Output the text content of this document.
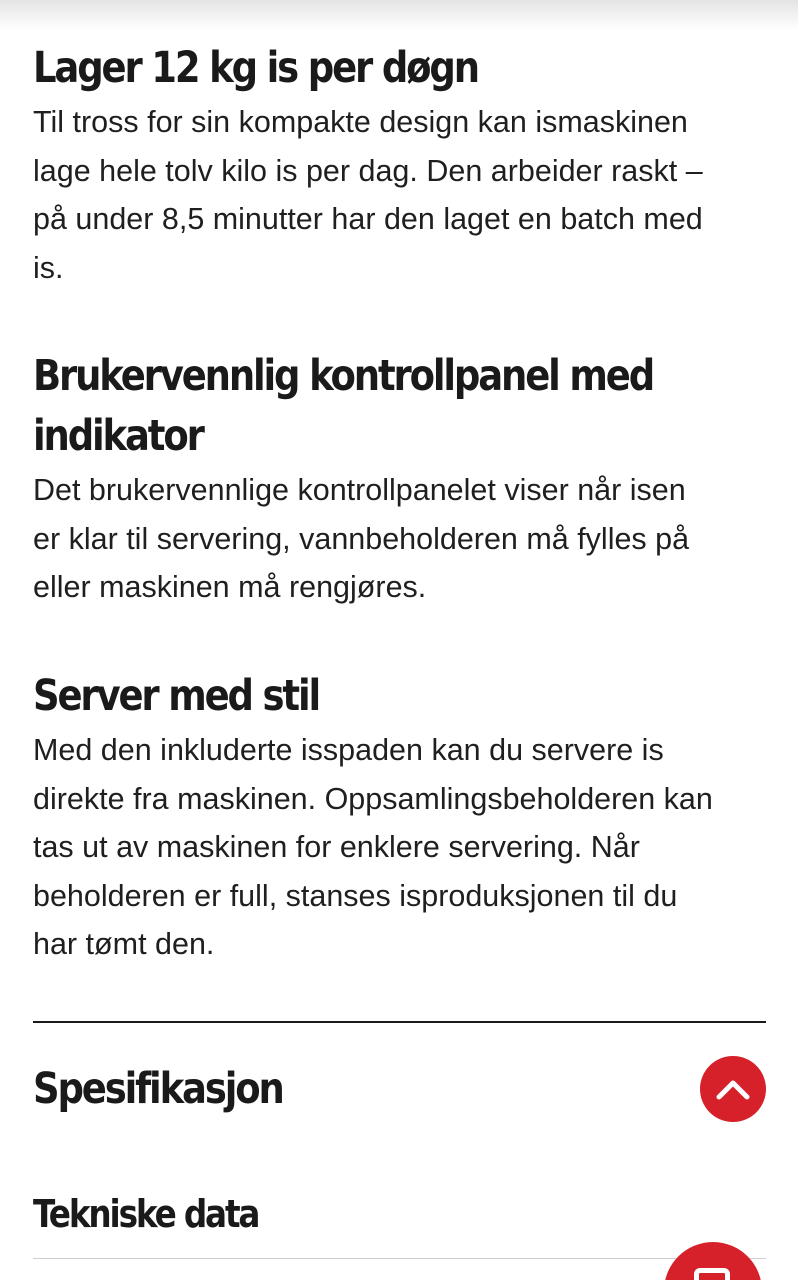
Lager 12 kg is per døgn

Til tross for sin kompakte design kan ismaskinen
lage hele tolv kilo is per dag. Den arbeider raskt –
på under 8,5 minutter har den laget en batch med
is.

Brukervennlig kontrollpanel med
indikator

Det brukervennlige kontrollpanelet viser når isen
er klar til servering, vannbeholderen må fylles på
eller maskinen må rengjøres.

Server med stil

Med den inkluderte isspaden kan du servere is
direkte fra maskinen. Oppsamlingsbeholderen kan
tas ut av maskinen for enklere servering. Når
beholderen er full, stanses isproduksjonen til du
har tømt den.

Spesifikasjon
Tekniske data
